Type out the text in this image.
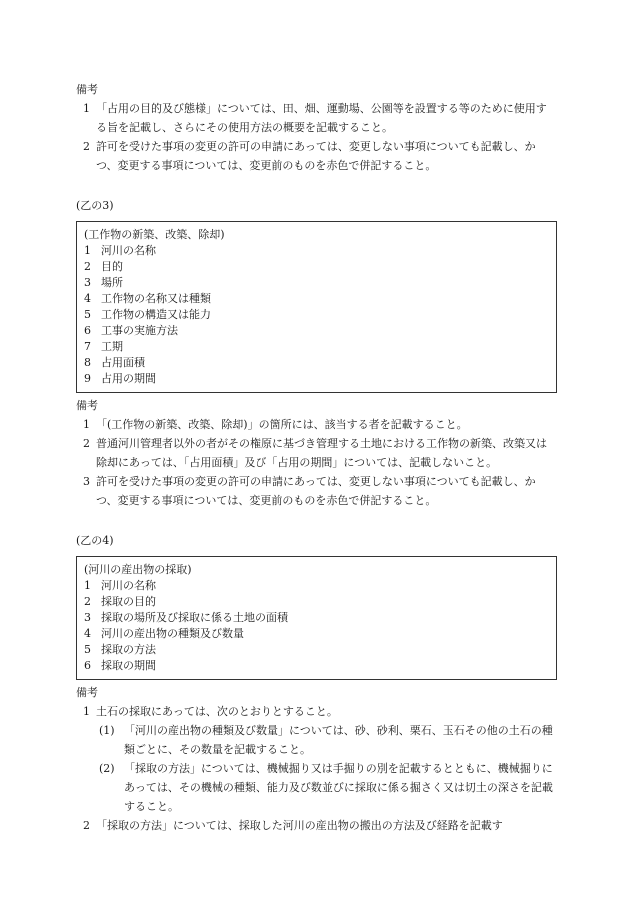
備考
1 「占用の目的及び態様」については、田、畑、運動場、公園等を設置する等のために使用する旨を記載し、さらにその使用方法の概要を記載すること。
2 許可を受けた事項の変更の許可の申請にあっては、変更しない事項についても記載し、かつ、変更する事項については、変更前のものを赤色で併記すること。
(乙の3)
(工作物の新築、改築、除却)
1 河川の名称
2 目的
3 場所
4 工作物の名称又は種類
5 工作物の構造又は能力
6 工事の実施方法
7 工期
8 占用面積
9 占用の期間
備考
1 「(工作物の新築、改築、除却)」の箇所には、該当する者を記載すること。
2 普通河川管理者以外の者がその権原に基づき管理する土地における工作物の新築、改築又は除却にあっては、「占用面積」及び「占用の期間」については、記載しないこと。
3 許可を受けた事項の変更の許可の申請にあっては、変更しない事項についても記載し、かつ、変更する事項については、変更前のものを赤色で併記すること。
(乙の4)
(河川の産出物の採取)
1 河川の名称
2 採取の目的
3 採取の場所及び採取に係る土地の面積
4 河川の産出物の種類及び数量
5 採取の方法
6 採取の期間
備考
1 土石の採取にあっては、次のとおりとすること。
(1) 「河川の産出物の種類及び数量」については、砂、砂利、栗石、玉石その他の土石の種類ごとに、その数量を記載すること。
(2) 「採取の方法」については、機械掘り又は手掘りの別を記載するとともに、機械掘りにあっては、その機械の種類、能力及び数並びに採取に係る掘さく又は切土の深さを記載すること。
2 「採取の方法」については、採取した河川の産出物の搬出の方法及び経路を記載す
